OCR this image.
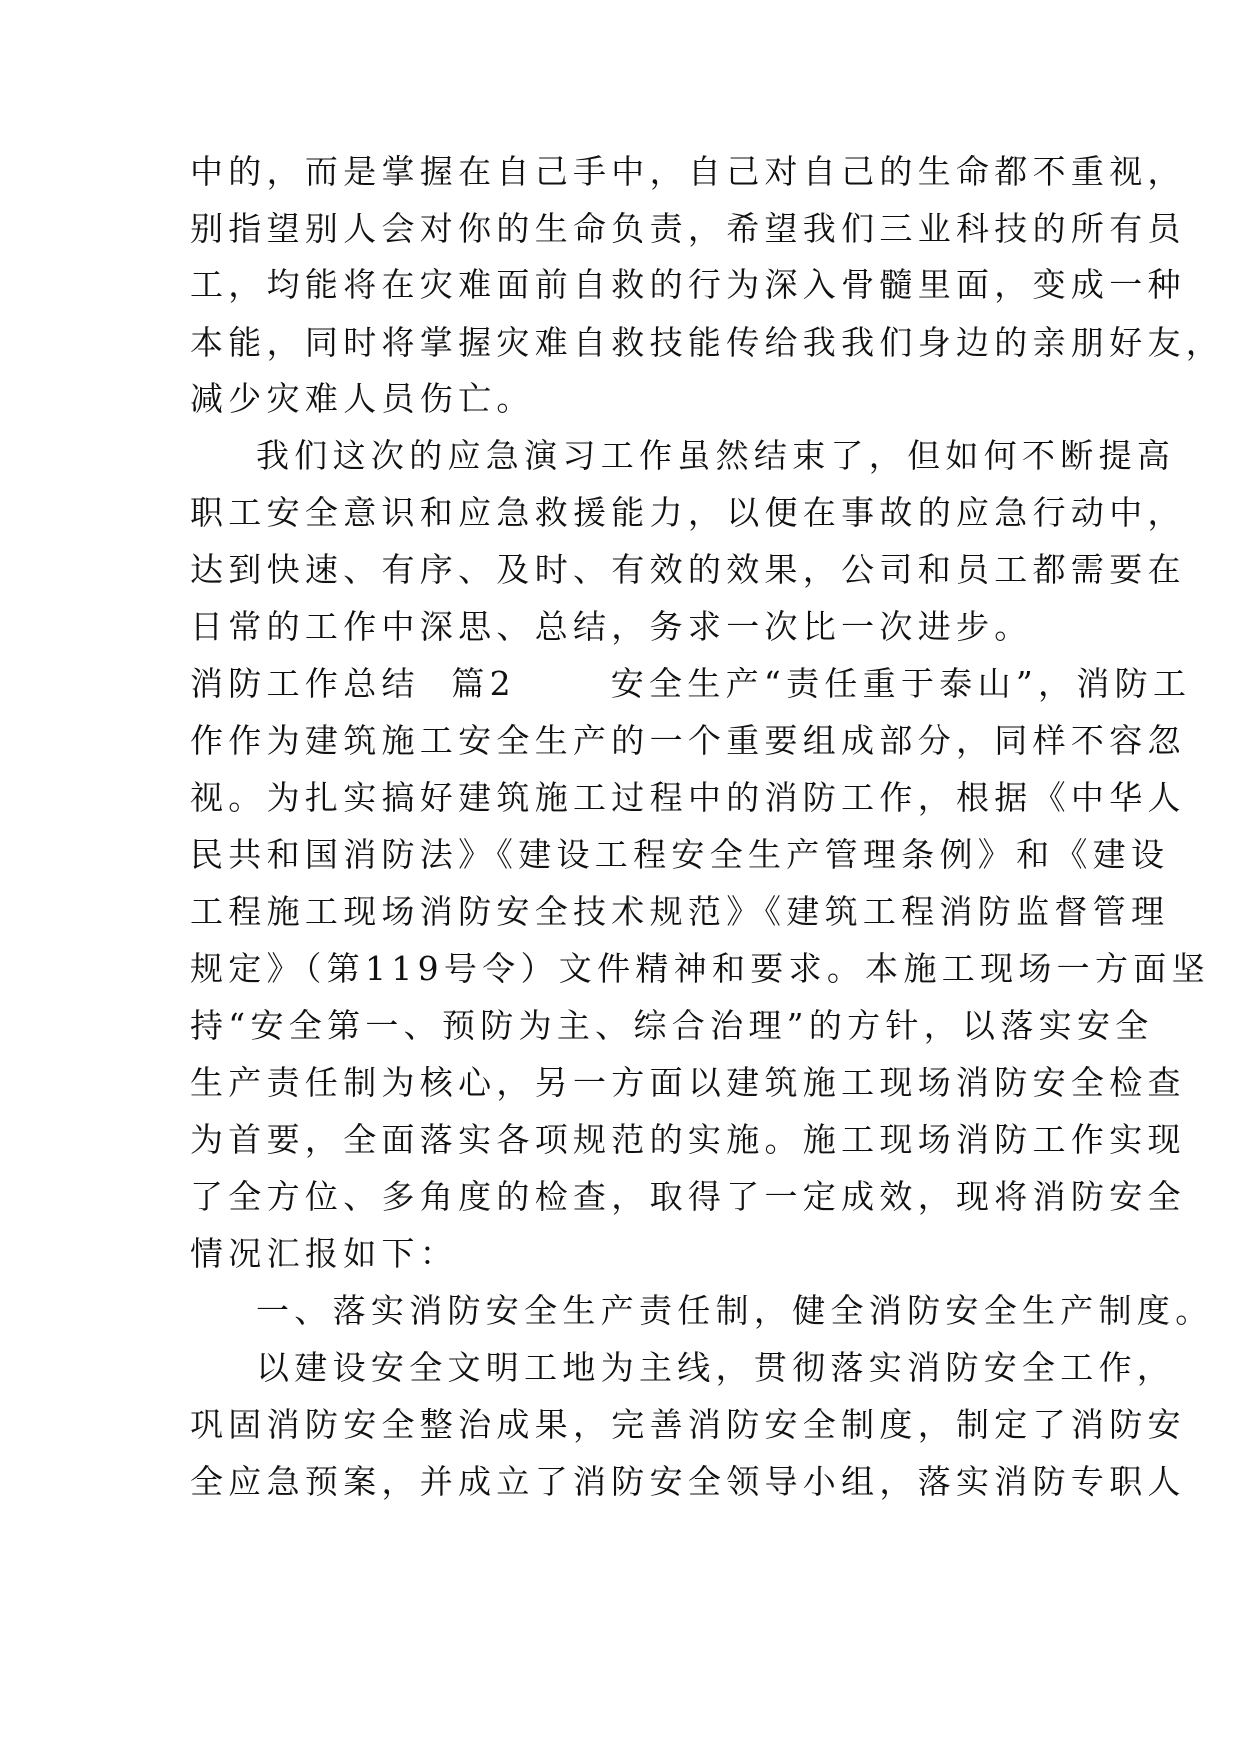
中的，而是掌握在自己手中，自己对自己的生命都不重视，
别指望别人会对你的生命负责，希望我们三业科技的所有员
工，均能将在灾难面前自救的行为深入骨髓里面，变成一种
本能，同时将掌握灾难自救技能传给我我们身边的亲朋好友，
减少灾难人员伤亡。
我们这次的应急演习工作虽然结束了，但如何不断提高
职工安全意识和应急救援能力，以便在事故的应急行动中，
达到快速、有序、及时、有效的效果，公司和员工都需要在
日常的工作中深思、总结，务求一次比一次进步。
消防工作总结  篇2      安全生产“责任重于泰山”，消防工
作作为建筑施工安全生产的一个重要组成部分，同样不容忽
视。为扎实搞好建筑施工过程中的消防工作，根据《中华人
民共和国消防法》《建设工程安全生产管理条例》和《建设
工程施工现场消防安全技术规范》《建筑工程消防监督管理
规定》（第119号令）文件精神和要求。本施工现场一方面坚
持“安全第一、预防为主、综合治理”的方针，以落实安全
生产责任制为核心，另一方面以建筑施工现场消防安全检查
为首要，全面落实各项规范的实施。施工现场消防工作实现
了全方位、多角度的检查，取得了一定成效，现将消防安全
情况汇报如下：
一、落实消防安全生产责任制，健全消防安全生产制度。
以建设安全文明工地为主线，贯彻落实消防安全工作，
巩固消防安全整治成果，完善消防安全制度，制定了消防安
全应急预案，并成立了消防安全领导小组，落实消防专职人
